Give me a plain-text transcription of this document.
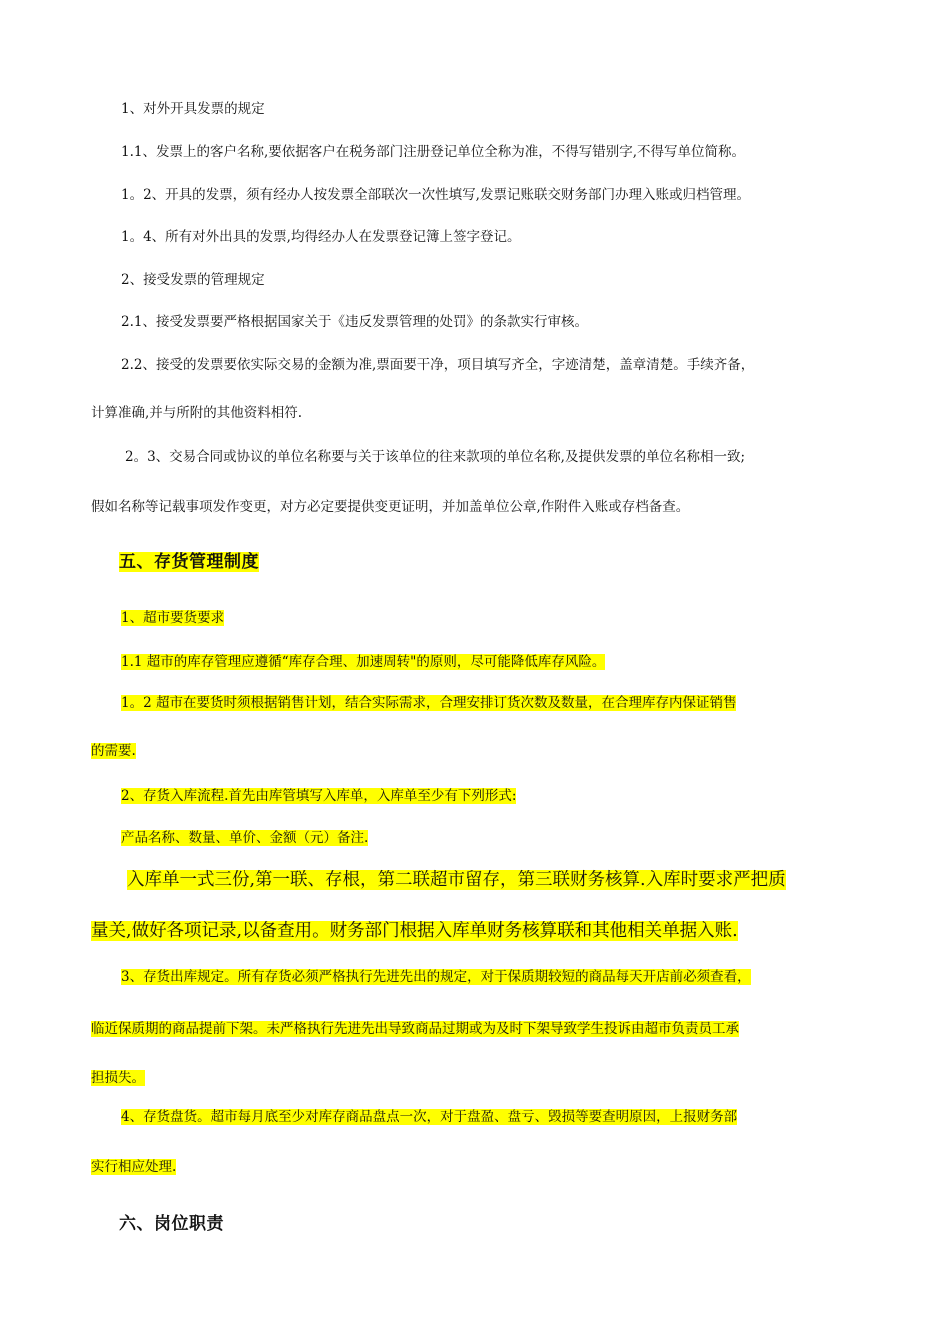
1、对外开具发票的规定

1.1、发票上的客户名称,要依据客户在税务部门注册登记单位全称为准，不得写错别字,不得写单位简称。

1。2、开具的发票，须有经办人按发票全部联次一次性填写,发票记账联交财务部门办理入账或归档管理。

1。4、所有对外出具的发票,均得经办人在发票登记簿上签字登记。

2、接受发票的管理规定

2.1、接受发票要严格根据国家关于《违反发票管理的处罚》的条款实行审核。

2.2、接受的发票要依实际交易的金额为准,票面要干净，项目填写齐全，字迹清楚，盖章清楚。手续齐备，

计算准确,并与所附的其他资料相符.

2。3、交易合同或协议的单位名称要与关于该单位的往来款项的单位名称,及提供发票的单位名称相一致;

假如名称等记载事项发作变更，对方必定要提供变更证明，并加盖单位公章,作附件入账或存档备查。

五、存货管理制度

1、超市要货要求

1.1 超市的库存管理应遵循“库存合理、加速周转"的原则，尽可能降低库存风险。

1。2 超市在要货时须根据销售计划，结合实际需求，合理安排订货次数及数量，在合理库存内保证销售

的需要.

2、存货入库流程.首先由库管填写入库单，入库单至少有下列形式:

产品名称、数量、单价、金额（元）备注.

入库单一式三份,第一联、存根，第二联超市留存，第三联财务核算.入库时要求严把质

量关,做好各项记录,以备查用。财务部门根据入库单财务核算联和其他相关单据入账.

3、存货出库规定。所有存货必须严格执行先进先出的规定，对于保质期较短的商品每天开店前必须查看，

临近保质期的商品提前下架。未严格执行先进先出导致商品过期或为及时下架导致学生投诉由超市负责员工承

担损失。

4、存货盘货。超市每月底至少对库存商品盘点一次，对于盘盈、盘亏、毁损等要查明原因，上报财务部

实行相应处理.

六、岗位职责
